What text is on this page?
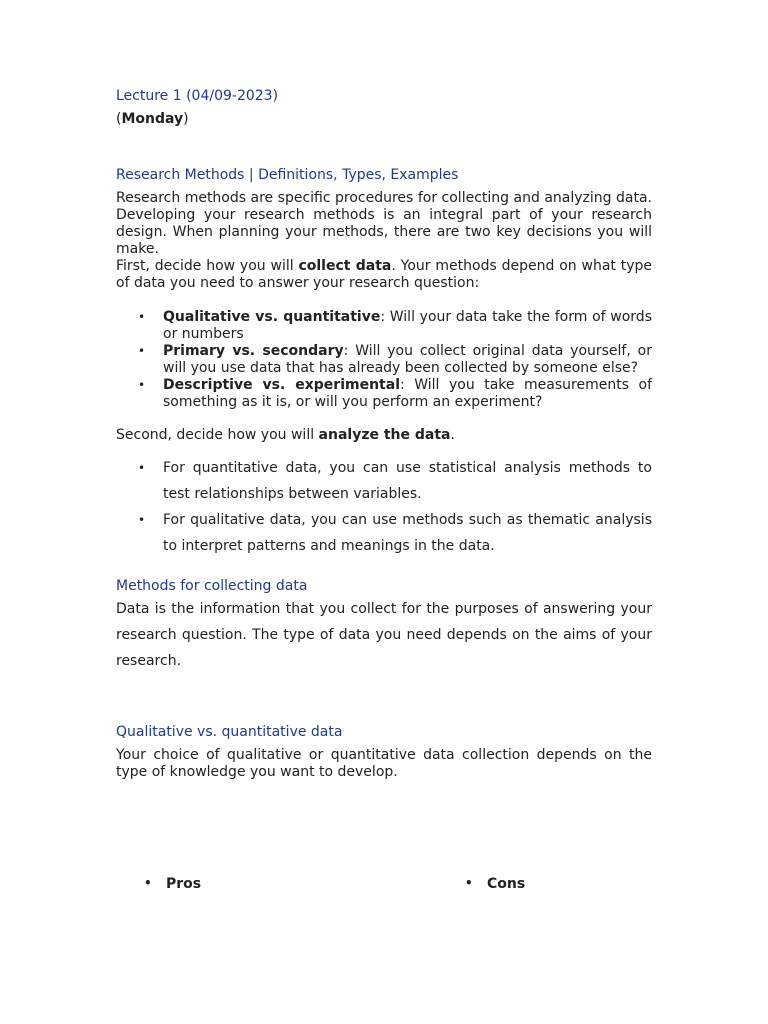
Lecture 1 (04/09-2023)

(Monday)

Research Methods | Definitions, Types, Examples

Research methods are specific procedures for collecting and analyzing data. Developing your research methods is an integral part of your research design. When planning your methods, there are two key decisions you will make.

First, decide how you will collect data. Your methods depend on what type of data you need to answer your research question:

• Qualitative vs. quantitative: Will your data take the form of words or numbers
• Primary vs. secondary: Will you collect original data yourself, or will you use data that has already been collected by someone else?
• Descriptive vs. experimental: Will you take measurements of something as it is, or will you perform an experiment?

Second, decide how you will analyze the data.

• For quantitative data, you can use statistical analysis methods to test relationships between variables.
• For qualitative data, you can use methods such as thematic analysis to interpret patterns and meanings in the data.

Methods for collecting data

Data is the information that you collect for the purposes of answering your research question. The type of data you need depends on the aims of your research.

Qualitative vs. quantitative data

Your choice of qualitative or quantitative data collection depends on the type of knowledge you want to develop.

• Pros
•	Cons
